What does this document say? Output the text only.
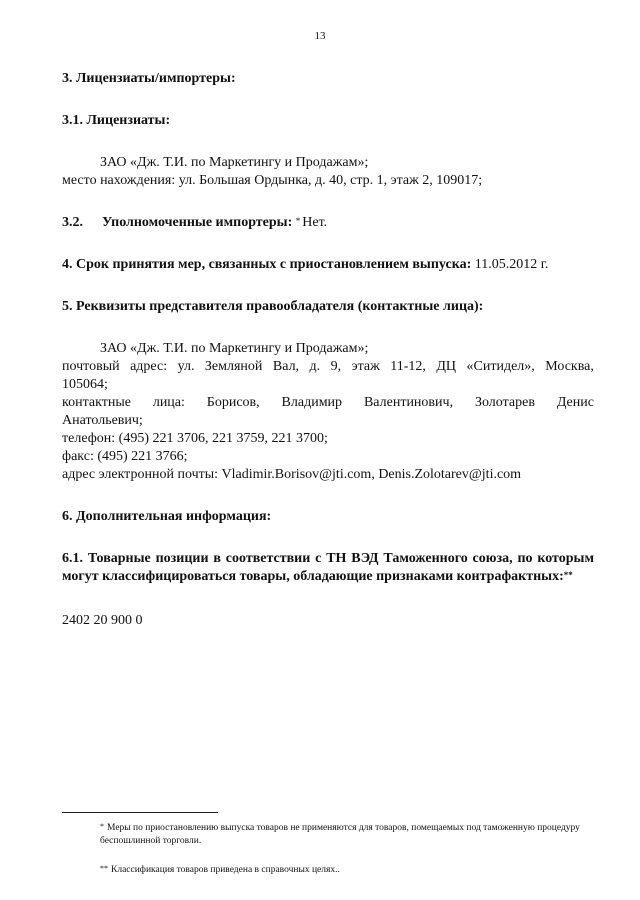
13
3. Лицензиаты/импортеры:
3.1. Лицензиаты:
ЗАО «Дж. Т.И. по Маркетингу и Продажам»;
место нахождения: ул. Большая Ордынка, д. 40, стр. 1, этаж 2, 109017;
3.2.	Уполномоченные импортеры:
* Нет.
4. Срок принятия мер, связанных с приостановлением выпуска: 11.05.2012 г.
5. Реквизиты представителя правообладателя (контактные лица):
ЗАО «Дж. Т.И. по Маркетингу и Продажам»;
почтовый адрес: ул. Земляной Вал, д. 9, этаж 11-12, ДЦ «Ситидел», Москва,
105064;
контактные лица: Борисов, Владимир Валентинович, Золотарев Денис
Анатольевич;
телефон: (495) 221 3706, 221 3759, 221 3700;
факс: (495) 221 3766;
адрес электронной почты: Vladimir.Borisov@jti.com, Denis.Zolotarev@jti.com
6. Дополнительная информация:
6.1. Товарные позиции в соответствии с ТН ВЭД Таможенного союза, по которым могут классифицироваться товары, обладающие признаками контрафактных:**
2402 20 900 0
* Меры по приостановлению выпуска товаров не применяются для товаров, помещаемых под таможенную процедуру беспошлинной торговли.
** Классификация товаров приведена в справочных целях..
